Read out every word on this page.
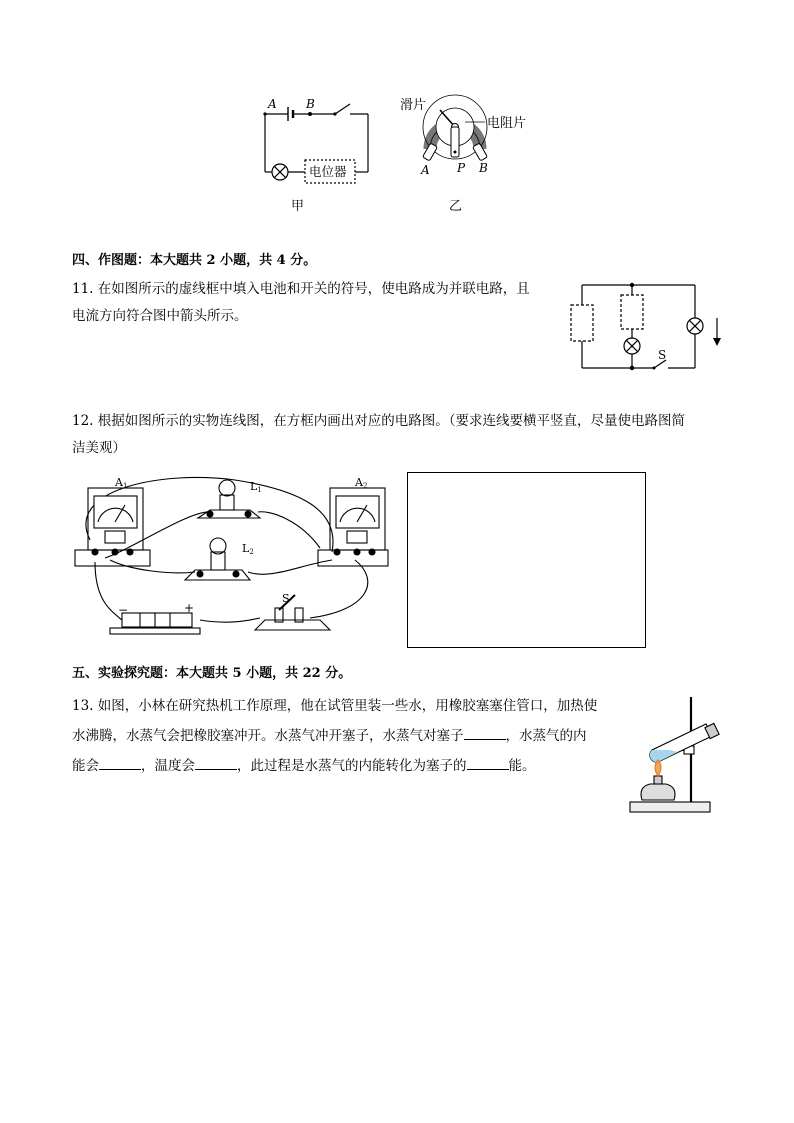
A B
电位器
甲
滑片
电阻片
A P B
乙
四、作图题：本大题共 2 小题，共 4 分。
11. 在如图所示的虚线框中填入电池和开关的符号，使电路成为并联电路，且
电流方向符合图中箭头所示。
S
12. 根据如图所示的实物连线图，在方框内画出对应的电路图。（要求连线要横平竖直，尽量使电路图简
洁美观）
A1	A2
L1
L2
S
−	+
五、实验探究题：本大题共 5 小题，共 22 分。
13. 如图，小林在研究热机工作原理，他在试管里装一些水，用橡胶塞塞住管口，加热使
水沸腾，水蒸气会把橡胶塞冲开。水蒸气冲开塞子，水蒸气对塞子	，水蒸气的内
能会	，温度会	，此过程是水蒸气的内能转化为塞子的	能。
